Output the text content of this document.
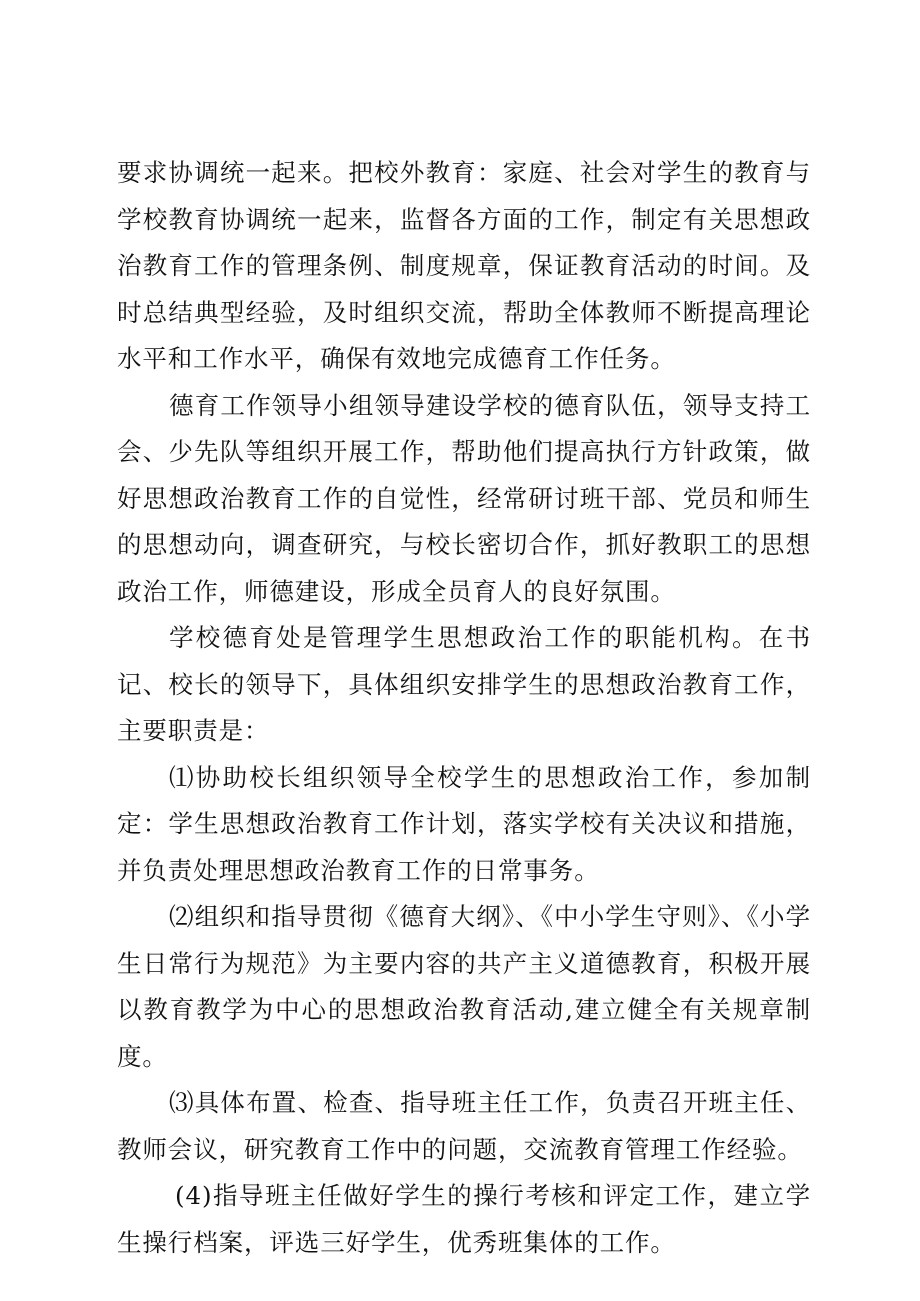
要求协调统一起来。把校外教育：家庭、社会对学生的教育与学校教育协调统一起来，监督各方面的工作，制定有关思想政治教育工作的管理条例、制度规章，保证教育活动的时间。及时总结典型经验，及时组织交流，帮助全体教师不断提高理论水平和工作水平，确保有效地完成德育工作任务。

德育工作领导小组领导建设学校的德育队伍，领导支持工会、少先队等组织开展工作，帮助他们提高执行方针政策，做好思想政治教育工作的自觉性，经常研讨班干部、党员和师生的思想动向，调查研究，与校长密切合作，抓好教职工的思想政治工作，师德建设，形成全员育人的良好氛围。

学校德育处是管理学生思想政治工作的职能机构。在书记、校长的领导下，具体组织安排学生的思想政治教育工作，主要职责是：

⑴协助校长组织领导全校学生的思想政治工作，参加制定：学生思想政治教育工作计划，落实学校有关决议和措施，并负责处理思想政治教育工作的日常事务。

⑵组织和指导贯彻《德育大纲》、《中小学生守则》、《小学生日常行为规范》为主要内容的共产主义道德教育，积极开展以教育教学为中心的思想政治教育活动,建立健全有关规章制度。

⑶具体布置、检查、指导班主任工作，负责召开班主任、教师会议，研究教育工作中的问题，交流教育管理工作经验。

(4)指导班主任做好学生的操行考核和评定工作，建立学生操行档案，评选三好学生，优秀班集体的工作。
